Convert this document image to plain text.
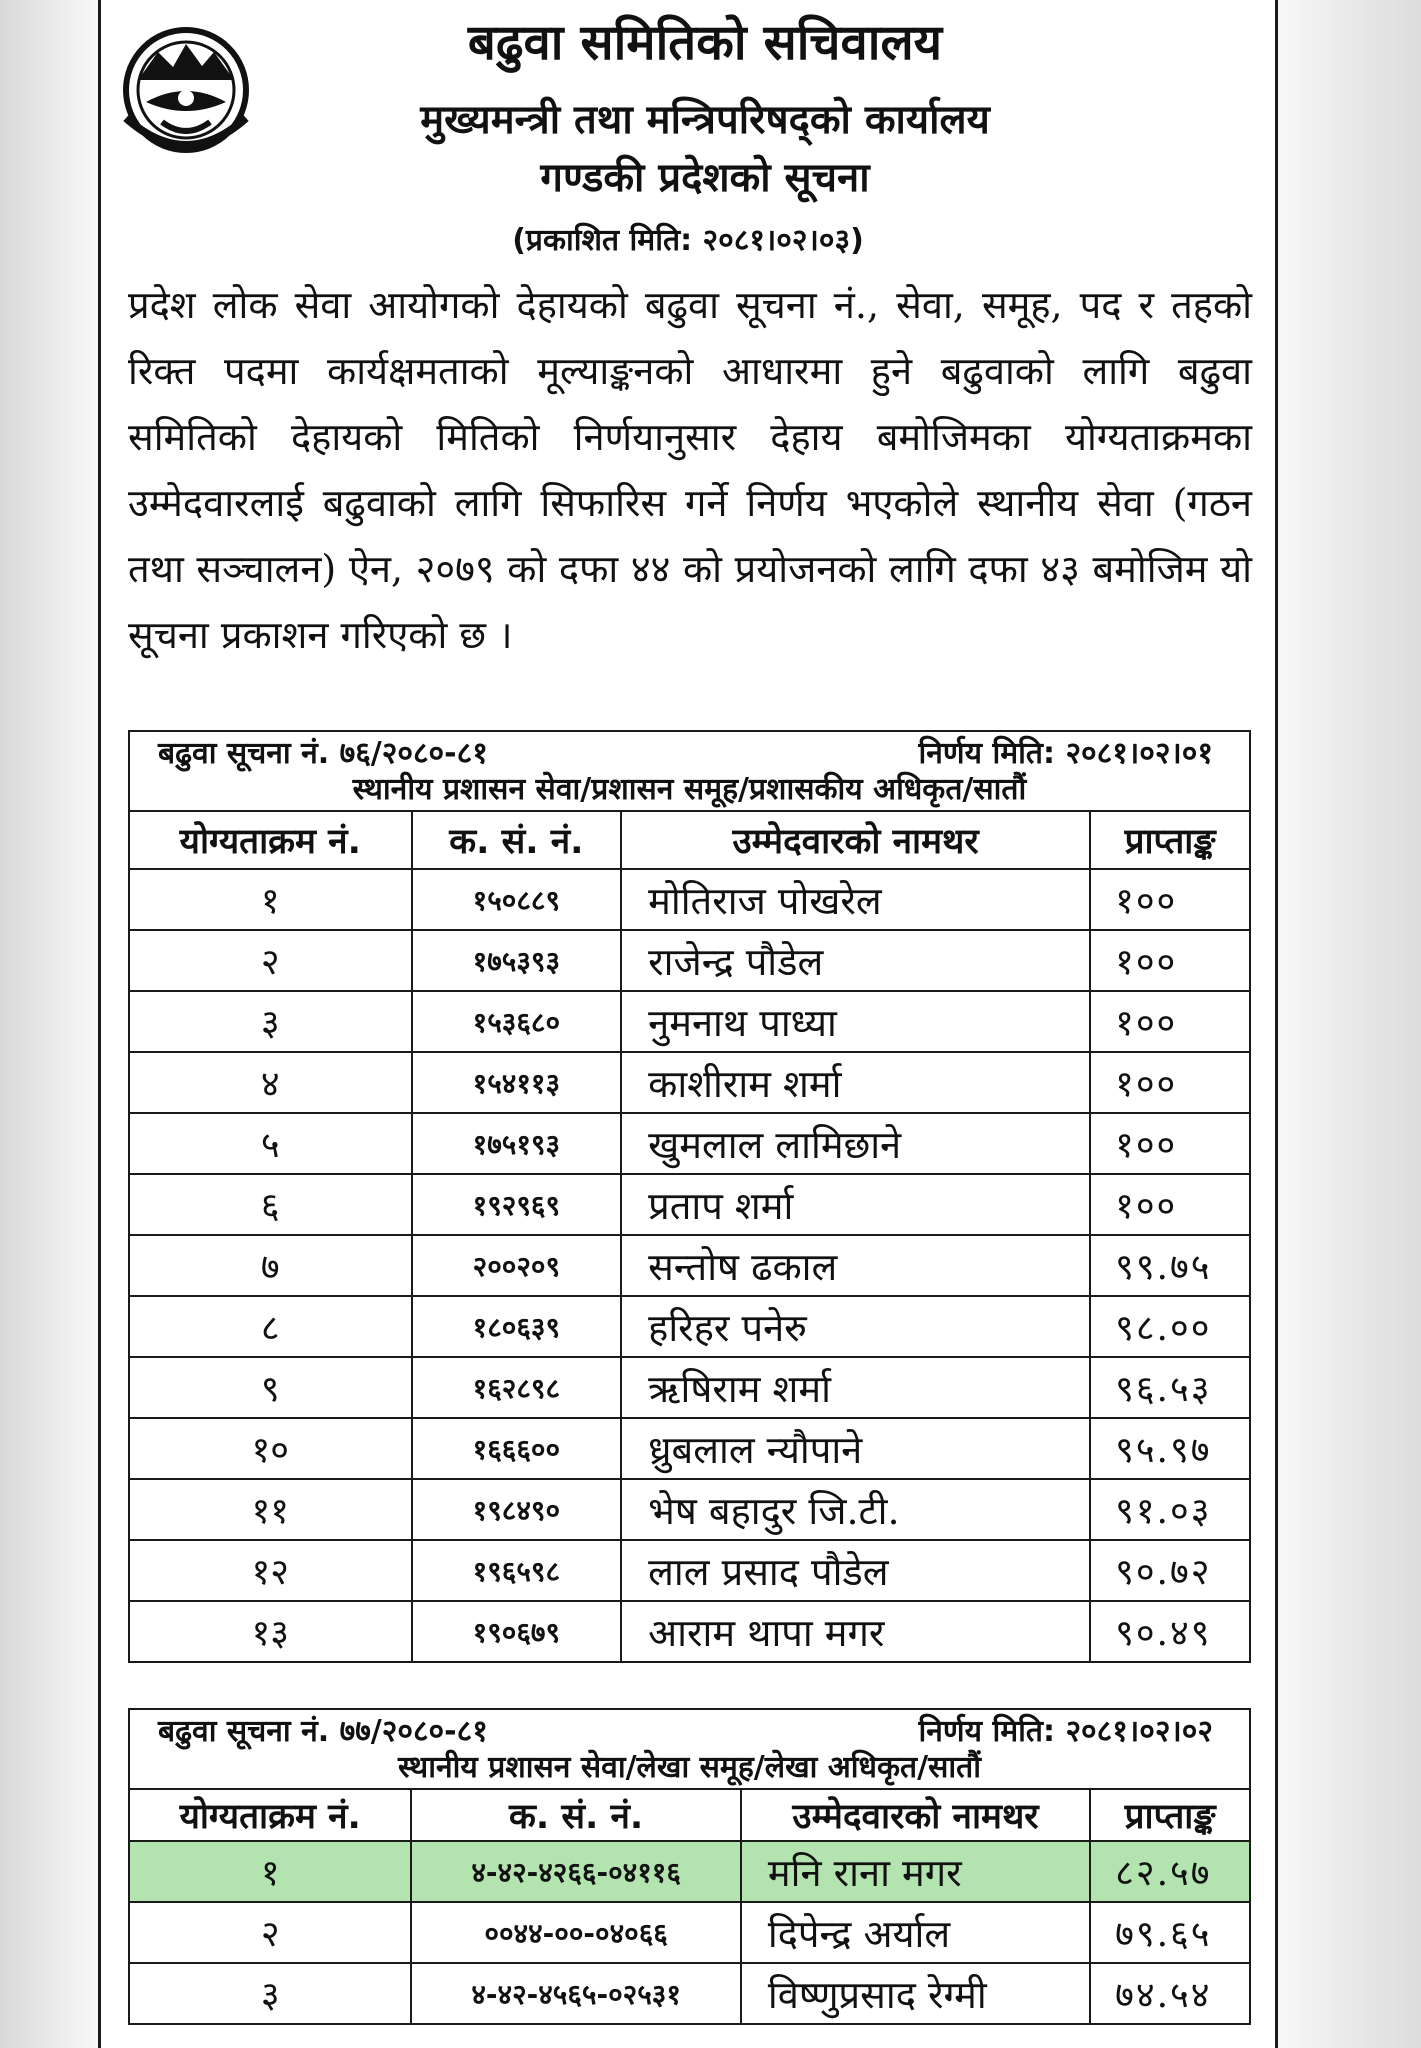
बढुवा समितिको सचिवालय
मुख्यमन्त्री तथा मन्त्रिपरिषद्को कार्यालय
गण्डकी प्रदेशको सूचना
(प्रकाशित मिति: २०८१।०२।०३)
प्रदेश लोक सेवा आयोगको देहायको बढुवा सूचना नं., सेवा, समूह, पद र तहको रिक्त पदमा कार्यक्षमताको मूल्याङ्कनको आधारमा हुने बढुवाको लागि बढुवा समितिको देहायको मितिको निर्णयानुसार देहाय बमोजिमका योग्यताक्रमका उम्मेदवारलाई बढुवाको लागि सिफारिस गर्ने निर्णय भएकोले स्थानीय सेवा (गठन तथा सञ्चालन) ऐन, २०७९ को दफा ४४ को प्रयोजनको लागि दफा ४३ बमोजिम यो सूचना प्रकाशन गरिएको छ ।
बढुवा सूचना नं. ७६/२०८०-८१ निर्णय मिति: २०८१।०२।०१
स्थानीय प्रशासन सेवा/प्रशासन समूह/प्रशासकीय अधिकृत/सातौं			

योग्यताक्रम नं.	क. सं. नं.	उम्मेदवारको नामथर	प्राप्ताङ्क
१	१५०८८९	मोतिराज पोखरेल	१००
२	१७५३९३	राजेन्द्र पौडेल	१००
३	१५३६८०	नुमनाथ पाध्या	१००
४	१५४११३	काशीराम शर्मा	१००
५	१७५१९३	खुमलाल लामिछाने	१००
६	१९२९६९	प्रताप शर्मा	१००
७	२००२०९	सन्तोष ढकाल	९९.७५
८	१८०६३९	हरिहर पनेरु	९८.००
९	१६२८९८	ऋषिराम शर्मा	९६.५३
१०	१६६६००	ध्रुबलाल न्यौपाने	९५.९७
११	१९८४९०	भेष बहादुर जि.टी.	९१.०३
१२	१९६५९८	लाल प्रसाद पौडेल	९०.७२
१३	१९०६७९	आराम थापा मगर	९०.४९
बढुवा सूचना नं. ७७/२०८०-८१ निर्णय मिति: २०८१।०२।०२
स्थानीय प्रशासन सेवा/लेखा समूह/लेखा अधिकृत/सातौं			

योग्यताक्रम नं.	क. सं. नं.	उम्मेदवारको नामथर	प्राप्ताङ्क
१	४-४२-४२६६-०४११६	मनि राना मगर	८२.५७
२	००४४-००-०४०६६	दिपेन्द्र अर्याल	७९.६५
३	४-४२-४५६५-०२५३१	विष्णुप्रसाद रेग्मी	७४.५४
